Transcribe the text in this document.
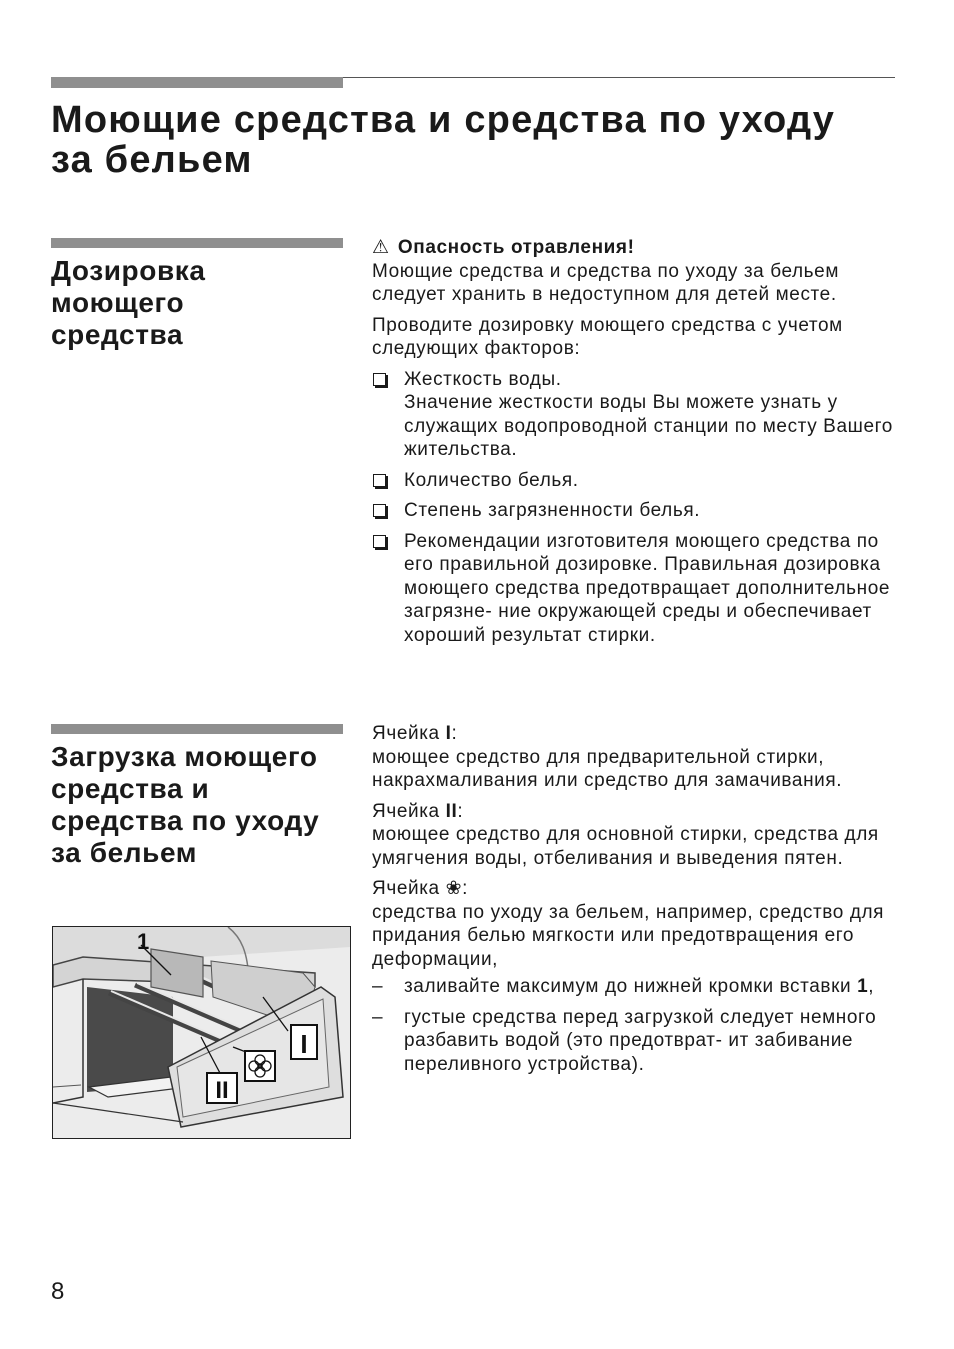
Моющие средства и средства по уходу за бельем
Дозировка моющего средства

⚠ Опасность отравления!
Моющие средства и средства по уходу за бельем следует хранить в недоступном для детей месте.

Проводите дозировку моющего средства с учетом следующих факторов:

Жесткость воды.
Значение жесткости воды Вы можете узнать у служащих водопроводной станции по месту Вашего жительства.
Количество белья.
Степень загрязненности белья.
Рекомендации изготовителя моющего средства по его правильной дозировке. Правильная дозировка моющего средства предотвращает дополнительное загрязне- ние окружающей среды и обеспечивает хороший результат стирки.
Загрузка моющего средства и средства по уходу за бельем
1
I
II

Ячейка I:
моющее средство для предварительной стирки, накрахмаливания или средство для замачивания.

Ячейка II:
моющее средство для основной стирки, средства для умягчения воды, отбеливания и выведения пятен.

Ячейка ❀:
средства по уходу за бельем, например, средство для придания белью мягкости или предотвращения его деформации,

– заливайте максимум до нижней кромки вставки 1,
– густые средства перед загрузкой следует немного разбавить водой (это предотврат- ит забивание переливного устройства).
8
